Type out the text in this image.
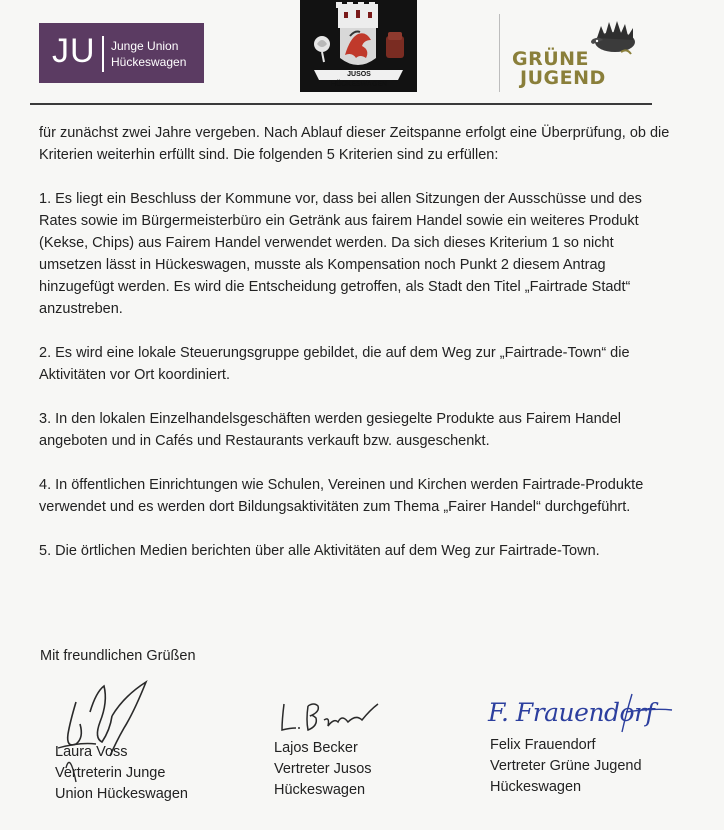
JU Junge Union
Hückeswagen
JUSOS HÜCKESWAGEN
GRÜNE
JUGEND

für zunächst zwei Jahre vergeben. Nach Ablauf dieser Zeitspanne erfolgt eine Überprüfung, ob die Kriterien weiterhin erfüllt sind. Die folgenden 5 Kriterien sind zu erfüllen:

1. Es liegt ein Beschluss der Kommune vor, dass bei allen Sitzungen der Ausschüsse und des Rates sowie im Bürgermeisterbüro ein Getränk aus fairem Handel sowie ein weiteres Produkt (Kekse, Chips) aus Fairem Handel verwendet werden. Da sich dieses Kriterium 1 so nicht umsetzen lässt in Hückeswagen, musste als Kompensation noch Punkt 2 diesem Antrag hinzugefügt werden. Es wird die Entscheidung getroffen, als Stadt den Titel „Fairtrade Stadt“ anzustreben.

2. Es wird eine lokale Steuerungsgruppe gebildet, die auf dem Weg zur „Fairtrade-Town“ die Aktivitäten vor Ort koordiniert.

3. In den lokalen Einzelhandelsgeschäften werden gesiegelte Produkte aus Fairem Handel angeboten und in Cafés und Restaurants verkauft bzw. ausgeschenkt.

4. In öffentlichen Einrichtungen wie Schulen, Vereinen und Kirchen werden Fairtrade-Produkte verwendet und es werden dort Bildungsaktivitäten zum Thema „Fairer Handel“ durchgeführt.

5. Die örtlichen Medien berichten über alle Aktivitäten auf dem Weg zur Fairtrade-Town.

Mit freundlichen Grüßen
F. Frauendorf
Laura Voss
Vertreterin Junge
Union Hückeswagen
Lajos Becker
Vertreter Jusos
Hückeswagen
Felix Frauendorf
Vertreter Grüne Jugend
Hückeswagen
